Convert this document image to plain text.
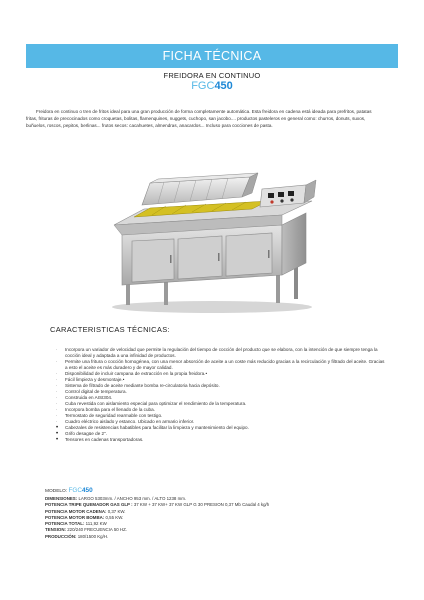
FICHA TÉCNICA
FREIDORA EN CONTINUO
FGC450
Freidora en continuo o tren de fritos ideal para una gran producción de forma completamente automática. Esta freidora en cadena está ideada para prefritos, patatas fritas, frituras de precocinados como croquetas, bolitas, flamenquines, nuggets, cuchopo, san jacobo.... productos pasteleros en general como: churros, donuts, suxos, buñuelos, roscos, pepitos, berlinas... frutos secos: cacahuetes, almendras, anacardos... Incluso para cocciones de pasta.
CARACTERISTICAS TÉCNICAS:
· Incorpora un variador de velocidad que permite la regulación del tiempo de cocción del producto que se elabora, con la intención de que siempre tenga la cocción ideal y adaptada a una infinidad de productos.
· Permite una fritura o cocción homogénea, con una menor absorción de aceite a un coste más reducido gracias a la recirculación y filtrado del aceite. Gracias a esto el aceite es más duradero y de mayor calidad.
· Disponibilidad de incluir campana de extracción en la propia freidora.•
· Fácil limpieza y desmontaje.•
· Sistema de filtrado de aceite mediante bomba re-circulatoria hacia depósito.
· Control digital de temperatura.
· Construida en AISI304.
· Cuba revestida con aislamiento especial para optimizar el rendimiento de la temperatura.
· Incorpora bomba para el llenado de la cuba.
· Termostato de seguridad rearmable con testigo.
· Cuadro eléctrico aislado y estanco. Ubicado en armario inferior.
• Cabezales de resistencias habatibles para facilitar la limpieza y mantenimiento del equipo.
• Grifo desagüe de 2".
• Tensores en cadenas transportadoras.
MODELO: FGC450
DIMENSIONES: LARGO 5303mm. / ANCHO 953 mm. / ALTO 1238 mm.
POTENCIA TRIPE QUEMADOR GAS GLP : 37 KW + 37 KW+ 37 KW GLP G 30 PRESION 0,37 Mb Caudal 4 kg/h
POTENCIA MOTOR CADENA: 0,37 KW.
POTENCIA MOTOR BOMBA: 0,55 KW.
POTENCIA TOTAL: 111,92 KW
TENSION: 220/240 FRECUENCIA 50 HZ.
PRODUCCIÓN: 180/1500 Kg/H.
